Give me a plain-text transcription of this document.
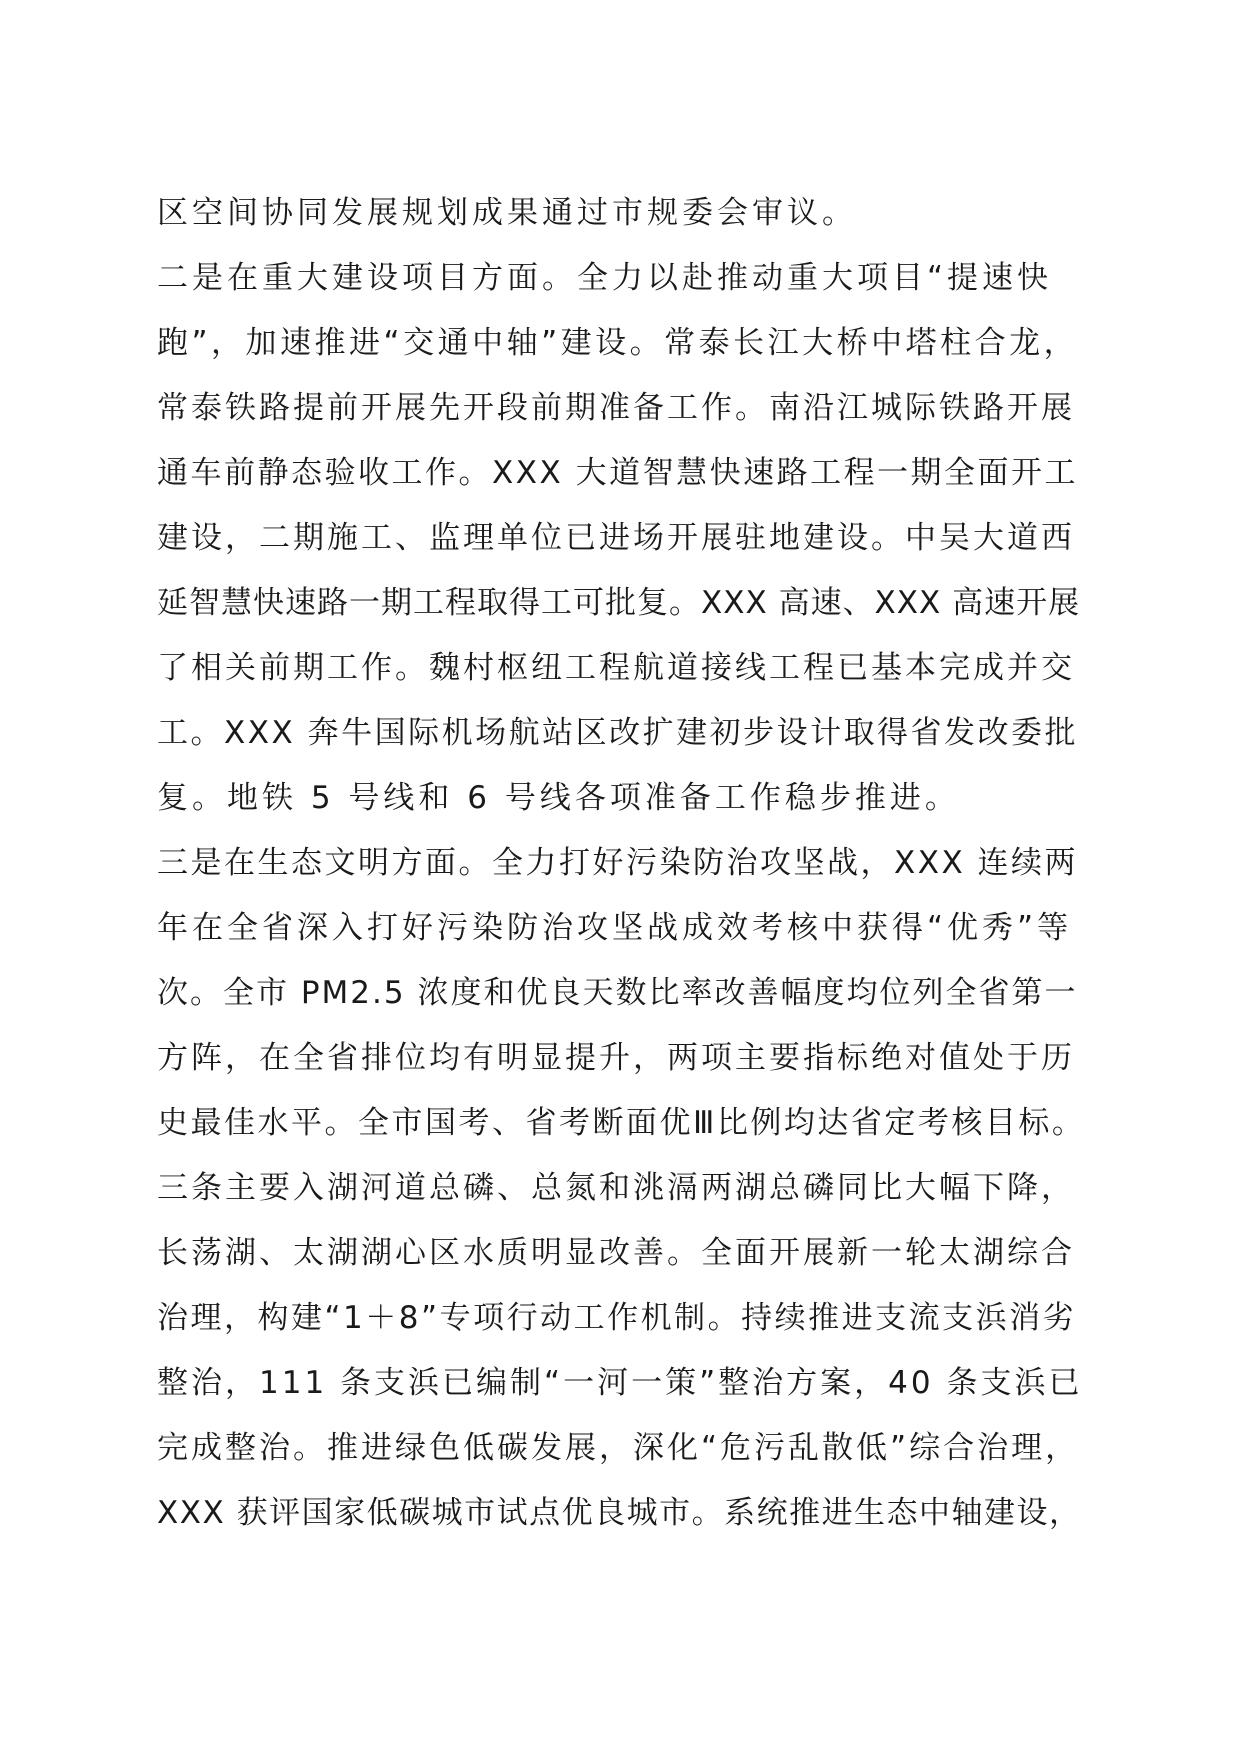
区空间协同发展规划成果通过市规委会审议。
二是在重大建设项目方面。全力以赴推动重大项目“提速快
跑”，加速推进“交通中轴”建设。常泰长江大桥中塔柱合龙，
常泰铁路提前开展先开段前期准备工作。南沿江城际铁路开展
通车前静态验收工作。XXX 大道智慧快速路工程一期全面开工
建设，二期施工、监理单位已进场开展驻地建设。中吴大道西
延智慧快速路一期工程取得工可批复。XXX 高速、XXX 高速开展
了相关前期工作。魏村枢纽工程航道接线工程已基本完成并交
工。XXX 奔牛国际机场航站区改扩建初步设计取得省发改委批
复。地铁 5 号线和 6 号线各项准备工作稳步推进。
三是在生态文明方面。全力打好污染防治攻坚战，XXX 连续两
年在全省深入打好污染防治攻坚战成效考核中获得“优秀”等
次。全市 PM2.5 浓度和优良天数比率改善幅度均位列全省第一
方阵，在全省排位均有明显提升，两项主要指标绝对值处于历
史最佳水平。全市国考、省考断面优Ⅲ比例均达省定考核目标。
三条主要入湖河道总磷、总氮和洮滆两湖总磷同比大幅下降，
长荡湖、太湖湖心区水质明显改善。全面开展新一轮太湖综合
治理，构建“1＋8”专项行动工作机制。持续推进支流支浜消劣
整治，111 条支浜已编制“一河一策”整治方案，40 条支浜已
完成整治。推进绿色低碳发展，深化“危污乱散低”综合治理，
XXX 获评国家低碳城市试点优良城市。系统推进生态中轴建设，
